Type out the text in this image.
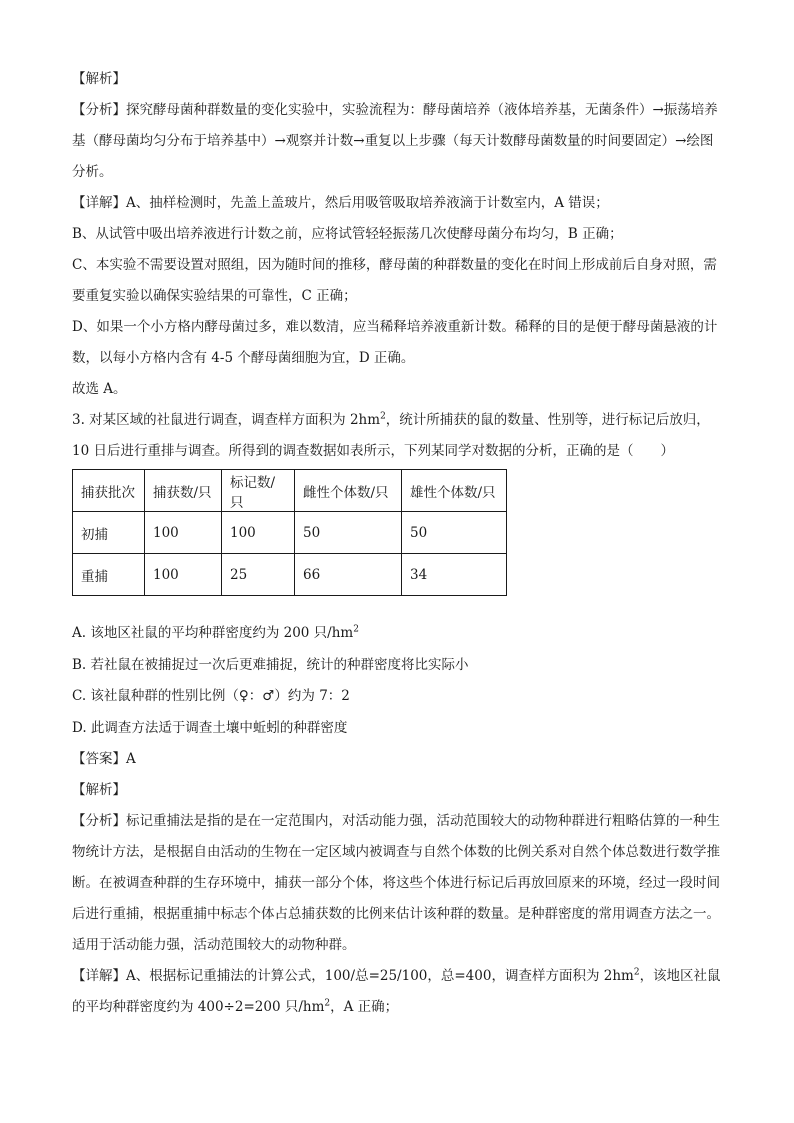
【解析】

【分析】探究酵母菌种群数量的变化实验中，实验流程为：酵母菌培养（液体培养基，无菌条件）→振荡培养基（酵母菌均匀分布于培养基中）→观察并计数→重复以上步骤（每天计数酵母菌数量的时间要固定）→绘图分析。

【详解】A、抽样检测时，先盖上盖玻片，然后用吸管吸取培养液滴于计数室内，A 错误；

B、从试管中吸出培养液进行计数之前，应将试管轻轻振荡几次使酵母菌分布均匀，B 正确；

C、本实验不需要设置对照组，因为随时间的推移，酵母菌的种群数量的变化在时间上形成前后自身对照，需要重复实验以确保实验结果的可靠性，C 正确；

D、如果一个小方格内酵母菌过多，难以数清，应当稀释培养液重新计数。稀释的目的是便于酵母菌悬液的计数，以每小方格内含有 4-5 个酵母菌细胞为宜，D 正确。

故选 A。

3. 对某区域的社鼠进行调查，调查样方面积为 $2hm^2$，统计所捕获的鼠的数量、性别等，进行标记后放归，10 日后进行重排与调查。所得到的调查数据如表所示，下列某同学对数据的分析，正确的是（　　）

捕获批次	捕获数/只	标记数/只	雌性个体数/只	雄性个体数/只
初捕	100	100	50	50
重捕	100	25	66	34

A. 该地区社鼠的平均种群密度约为 200 只$/hm^2$

B. 若社鼠在被捕捉过一次后更难捕捉，统计的种群密度将比实际小

C. 该社鼠种群的性别比例（♀：♂）约为 7：2

D. 此调查方法适于调查土壤中蚯蚓的种群密度

【答案】A

【解析】

【分析】标记重捕法是指的是在一定范围内，对活动能力强，活动范围较大的动物种群进行粗略估算的一种生物统计方法，是根据自由活动的生物在一定区域内被调查与自然个体数的比例关系对自然个体总数进行数学推断。在被调查种群的生存环境中，捕获一部分个体，将这些个体进行标记后再放回原来的环境，经过一段时间后进行重捕，根据重捕中标志个体占总捕获数的比例来估计该种群的数量。是种群密度的常用调查方法之一。适用于活动能力强，活动范围较大的动物种群。

【详解】A、根据标记重捕法的计算公式，100/总=25/100，总=400，调查样方面积为 $2hm^2$，该地区社鼠的平均种群密度约为 400÷2=200 只$/hm^2$，A 正确；
